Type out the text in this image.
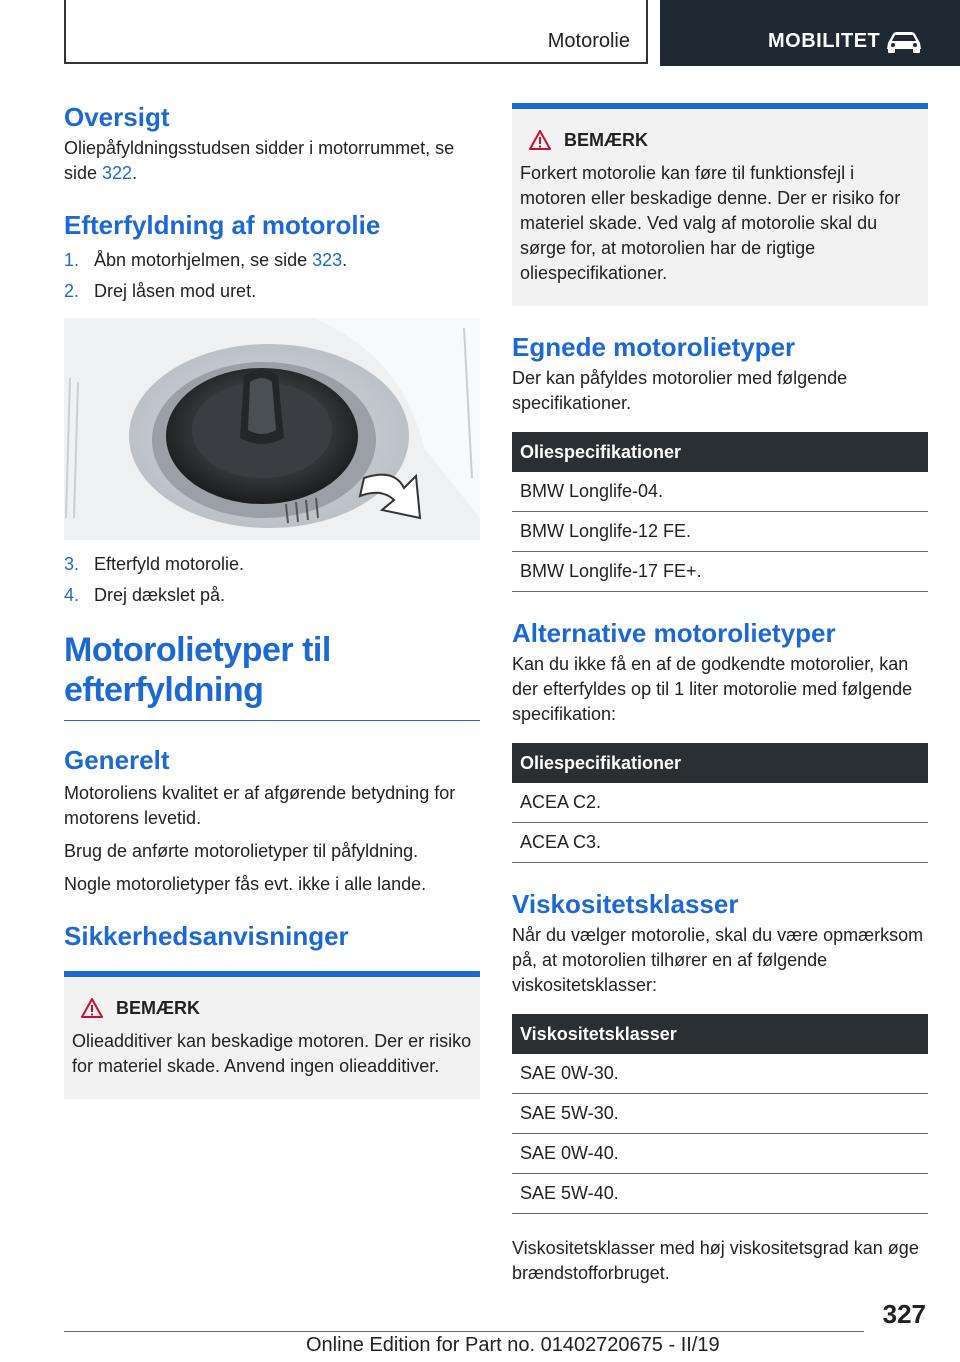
Motorolie	MOBILITET
Oversigt

Oliepåfyldningsstudsen sidder i motorrummet, se side 322.

Efterfyldning af motorolie
1. Åbn motorhjelmen, se side 323.
2. Drej låsen mod uret.
3. Efterfyld motorolie.
4. Drej dækslet på.
Motorolietyper til efterfyldning
Generelt

Motoroliens kvalitet er af afgørende betydning for motorens levetid.

Brug de anførte motorolietyper til påfyldning.

Nogle motorolietyper fås evt. ikke i alle lande.

Sikkerhedsanvisninger
BEMÆRK
Olieadditiver kan beskadige motoren. Der er risiko for materiel skade. Anvend ingen olieadditiver.
BEMÆRK
Forkert motorolie kan føre til funktionsfejl i motoren eller beskadige denne. Der er risiko for materiel skade. Ved valg af motorolie skal du sørge for, at motorolien har de rigtige oliespecifikationer.
Egnede motorolietyper

Der kan påfyldes motorolier med følgende specifikationer.

Oliespecifikationer
BMW Longlife-04.
BMW Longlife-12 FE.
BMW Longlife-17 FE+.
Alternative motorolietyper

Kan du ikke få en af de godkendte motorolier, kan der efterfyldes op til 1 liter motorolie med følgende specifikation:

Oliespecifikationer
ACEA C2.
ACEA C3.
Viskositetsklasser

Når du vælger motorolie, skal du være opmærksom på, at motorolien tilhører en af følgende viskositetsklasser:

Viskositetsklasser
SAE 0W-30.
SAE 5W-30.
SAE 0W-40.
SAE 5W-40.

Viskositetsklasser med høj viskositetsgrad kan øge brændstofforbruget.

327
Online Edition for Part no. 01402720675 - II/19
